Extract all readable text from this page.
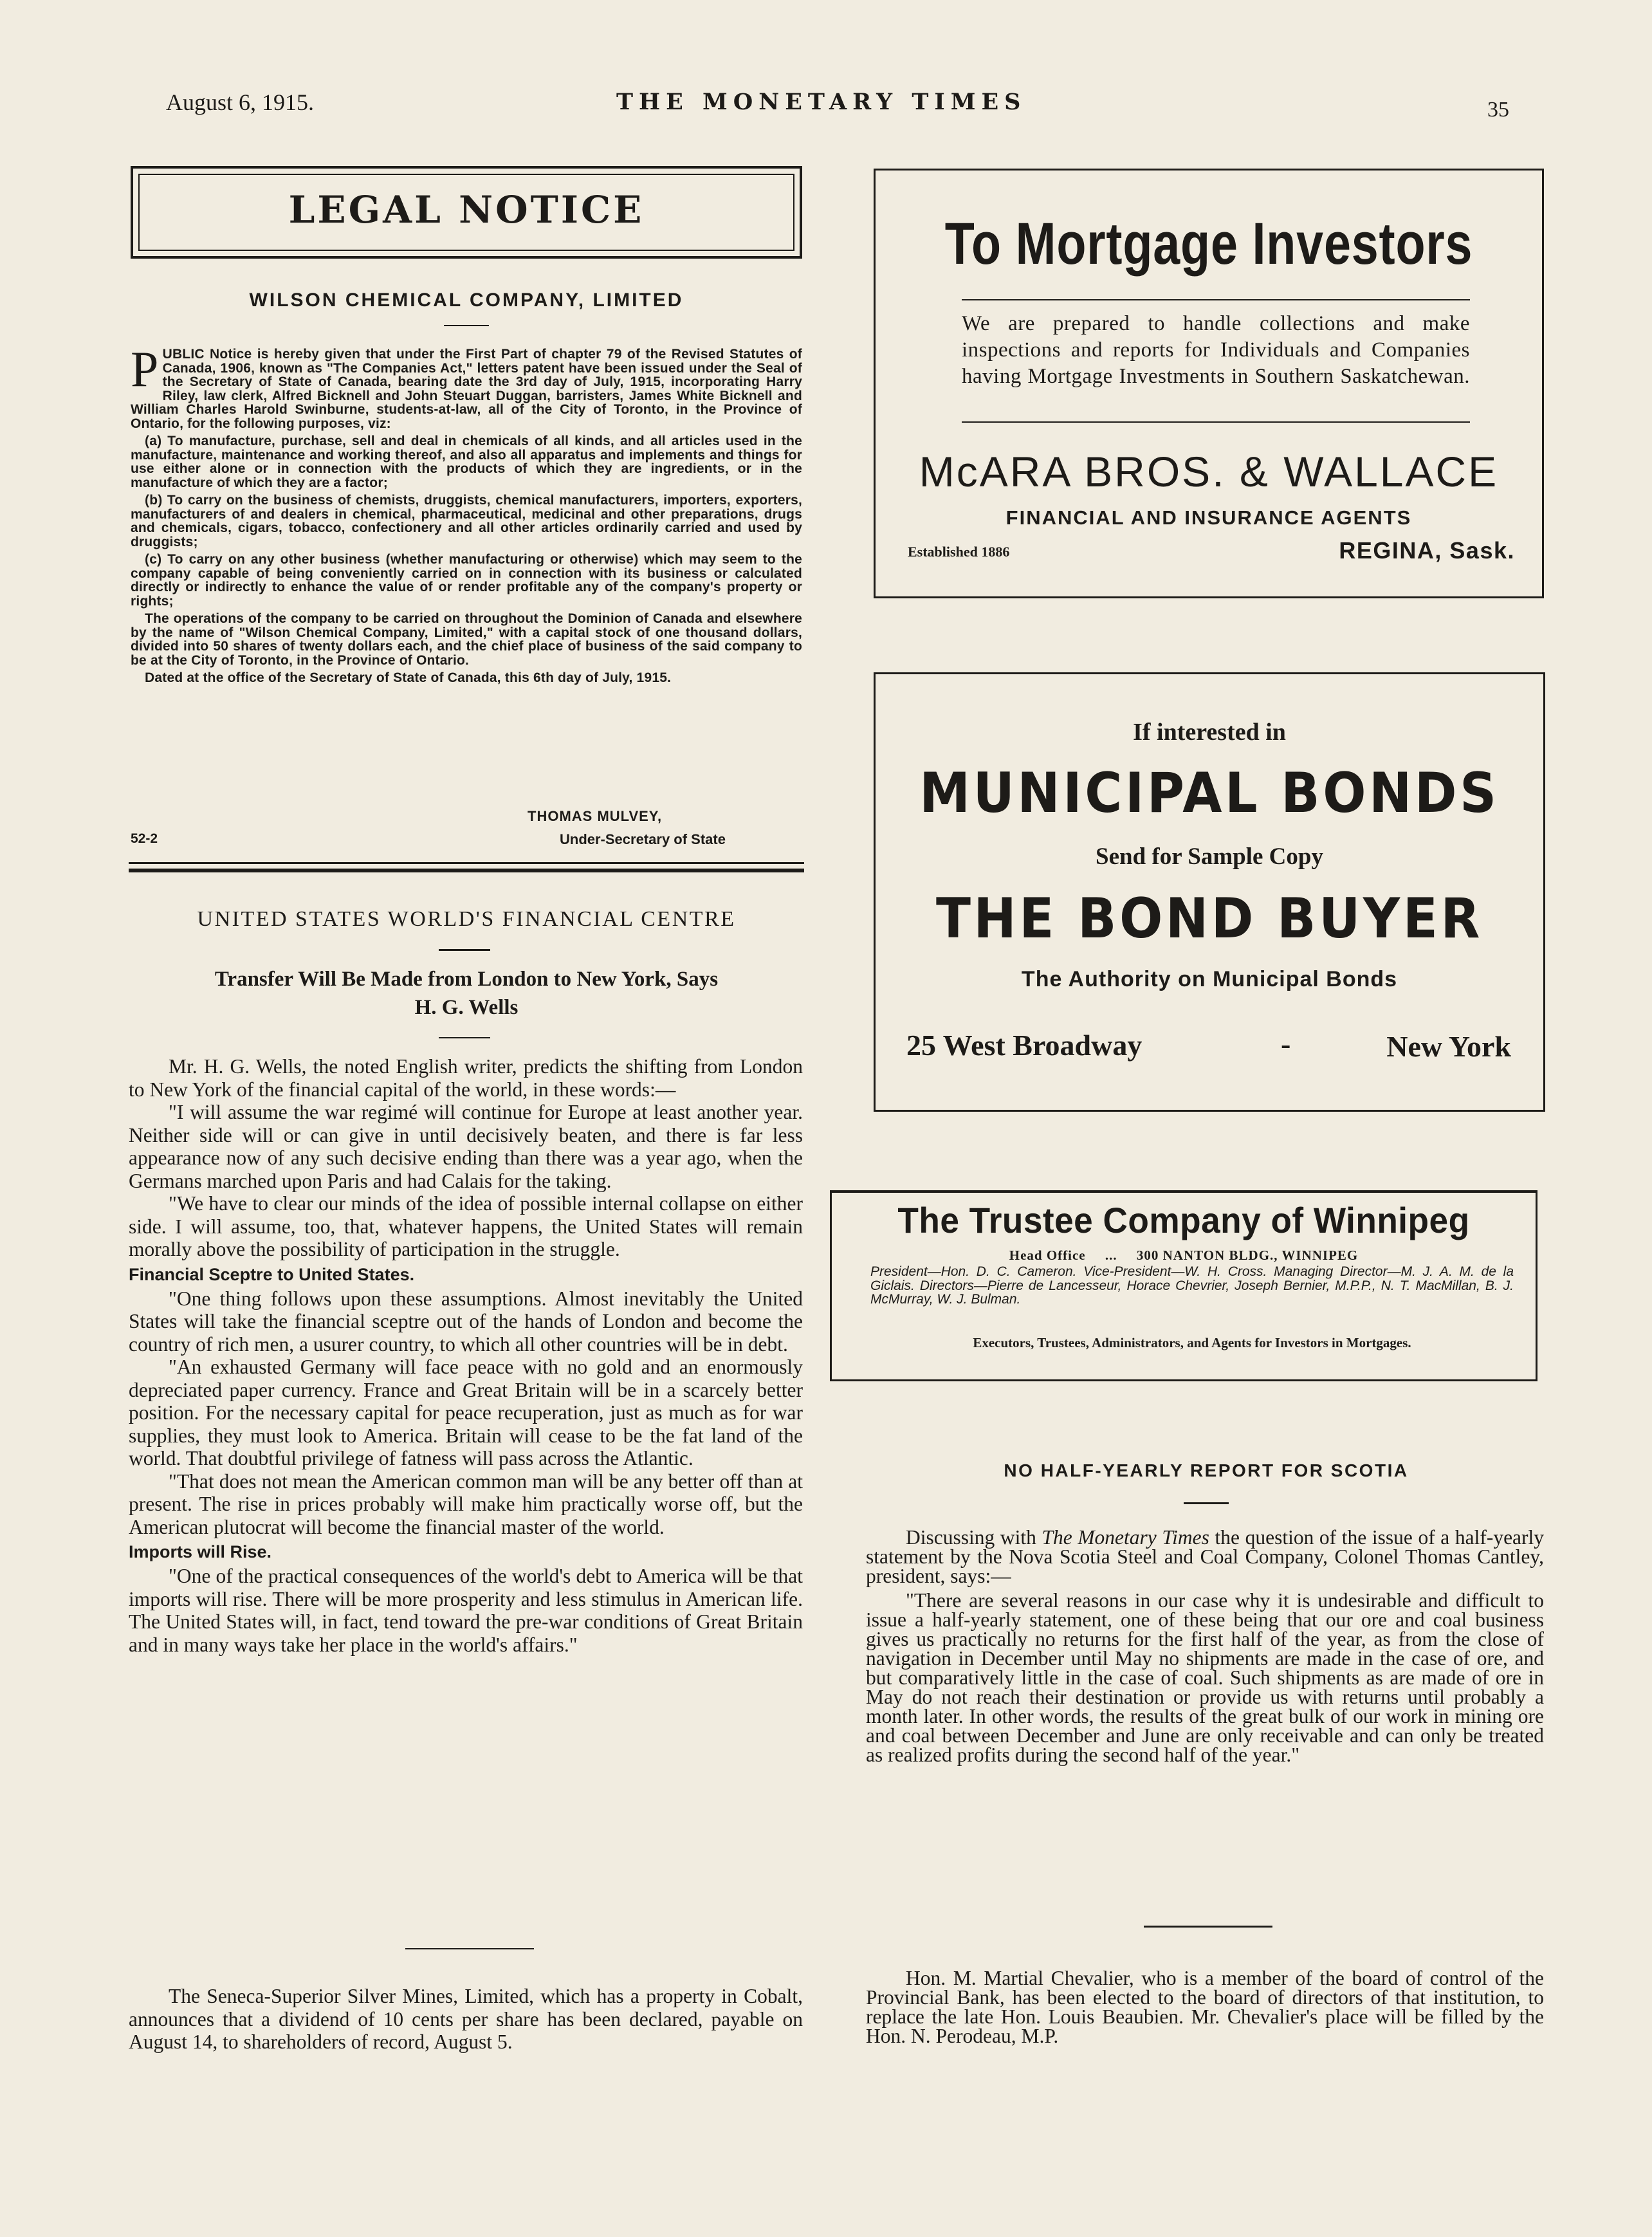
August 6, 1915.	THE MONETARY TIMES	35
LEGAL NOTICE
WILSON CHEMICAL COMPANY, LIMITED

PUBLIC Notice is hereby given that under the First Part of chapter 79 of the Revised Statutes of Canada, 1906, known as "The Companies Act," letters patent have been issued under the Seal of the Secretary of State of Canada, bearing date the 3rd day of July, 1915, incorporating Harry Riley, law clerk, Alfred Bicknell and John Steuart Duggan, barristers, James White Bicknell and William Charles Harold Swinburne, students-at-law, all of the City of Toronto, in the Province of Ontario, for the following purposes, viz:

(a) To manufacture, purchase, sell and deal in chemicals of all kinds, and all articles used in the manufacture, maintenance and working thereof, and also all apparatus and implements and things for use either alone or in connection with the products of which they are ingredients, or in the manufacture of which they are a factor;

(b) To carry on the business of chemists, druggists, chemical manufacturers, importers, exporters, manufacturers of and dealers in chemical, pharmaceutical, medicinal and other preparations, drugs and chemicals, cigars, tobacco, confectionery and all other articles ordinarily carried and used by druggists;

(c) To carry on any other business (whether manufacturing or otherwise) which may seem to the company capable of being conveniently carried on in connection with its business or calculated directly or indirectly to enhance the value of or render profitable any of the company's property or rights;

The operations of the company to be carried on throughout the Dominion of Canada and elsewhere by the name of "Wilson Chemical Company, Limited," with a capital stock of one thousand dollars, divided into 50 shares of twenty dollars each, and the chief place of business of the said company to be at the City of Toronto, in the Province of Ontario.

Dated at the office of the Secretary of State of Canada, this 6th day of July, 1915.

THOMAS MULVEY,
52-2	Under-Secretary of State
UNITED STATES WORLD'S FINANCIAL CENTRE
Transfer Will Be Made from London to New York, Says
H. G. Wells

Mr. H. G. Wells, the noted English writer, predicts the shifting from London to New York of the financial capital of the world, in these words:—

"I will assume the war regimé will continue for Europe at least another year. Neither side will or can give in until decisively beaten, and there is far less appearance now of any such decisive ending than there was a year ago, when the Germans marched upon Paris and had Calais for the taking.

"We have to clear our minds of the idea of possible internal collapse on either side. I will assume, too, that, whatever happens, the United States will remain morally above the possibility of participation in the struggle.

Financial Sceptre to United States.

"One thing follows upon these assumptions. Almost inevitably the United States will take the financial sceptre out of the hands of London and become the country of rich men, a usurer country, to which all other countries will be in debt.

"An exhausted Germany will face peace with no gold and an enormously depreciated paper currency. France and Great Britain will be in a scarcely better position. For the necessary capital for peace recuperation, just as much as for war supplies, they must look to America. Britain will cease to be the fat land of the world. That doubtful privilege of fatness will pass across the Atlantic.

"That does not mean the American common man will be any better off than at present. The rise in prices probably will make him practically worse off, but the American plutocrat will become the financial master of the world.

Imports will Rise.

"One of the practical consequences of the world's debt to America will be that imports will rise. There will be more prosperity and less stimulus in American life. The United States will, in fact, tend toward the pre-war conditions of Great Britain and in many ways take her place in the world's affairs."

The Seneca-Superior Silver Mines, Limited, which has a property in Cobalt, announces that a dividend of 10 cents per share has been declared, payable on August 14, to shareholders of record, August 5.

To Mortgage Investors
We are prepared to handle collections and make inspections and reports for Individuals and Companies having Mortgage Investments in Southern Saskatchewan.
McARA BROS. & WALLACE
FINANCIAL AND INSURANCE AGENTS
Established 1886	REGINA, Sask.
If interested in
MUNICIPAL BONDS
Send for Sample Copy
THE BOND BUYER
The Authority on Municipal Bonds
25 West Broadway	-	New York
The Trustee Company of Winnipeg
Head Office ... 300 NANTON BLDG., WINNIPEG
President—Hon. D. C. Cameron. Vice-President—W. H. Cross. Managing Director—M. J. A. M. de la Giclais. Directors—Pierre de Lancesseur, Horace Chevrier, Joseph Bernier, M.P.P., N. T. MacMillan, B. J. McMurray, W. J. Bulman.
Executors, Trustees, Administrators, and Agents for Investors in Mortgages.
NO HALF-YEARLY REPORT FOR SCOTIA

Discussing with The Monetary Times the question of the issue of a half-yearly statement by the Nova Scotia Steel and Coal Company, Colonel Thomas Cantley, president, says:—

"There are several reasons in our case why it is undesirable and difficult to issue a half-yearly statement, one of these being that our ore and coal business gives us practically no returns for the first half of the year, as from the close of navigation in December until May no shipments are made in the case of ore, and but comparatively little in the case of coal. Such shipments as are made of ore in May do not reach their destination or provide us with returns until probably a month later. In other words, the results of the great bulk of our work in mining ore and coal between December and June are only receivable and can only be treated as realized profits during the second half of the year."

Hon. M. Martial Chevalier, who is a member of the board of control of the Provincial Bank, has been elected to the board of directors of that institution, to replace the late Hon. Louis Beaubien. Mr. Chevalier's place will be filled by the Hon. N. Perodeau, M.P.
